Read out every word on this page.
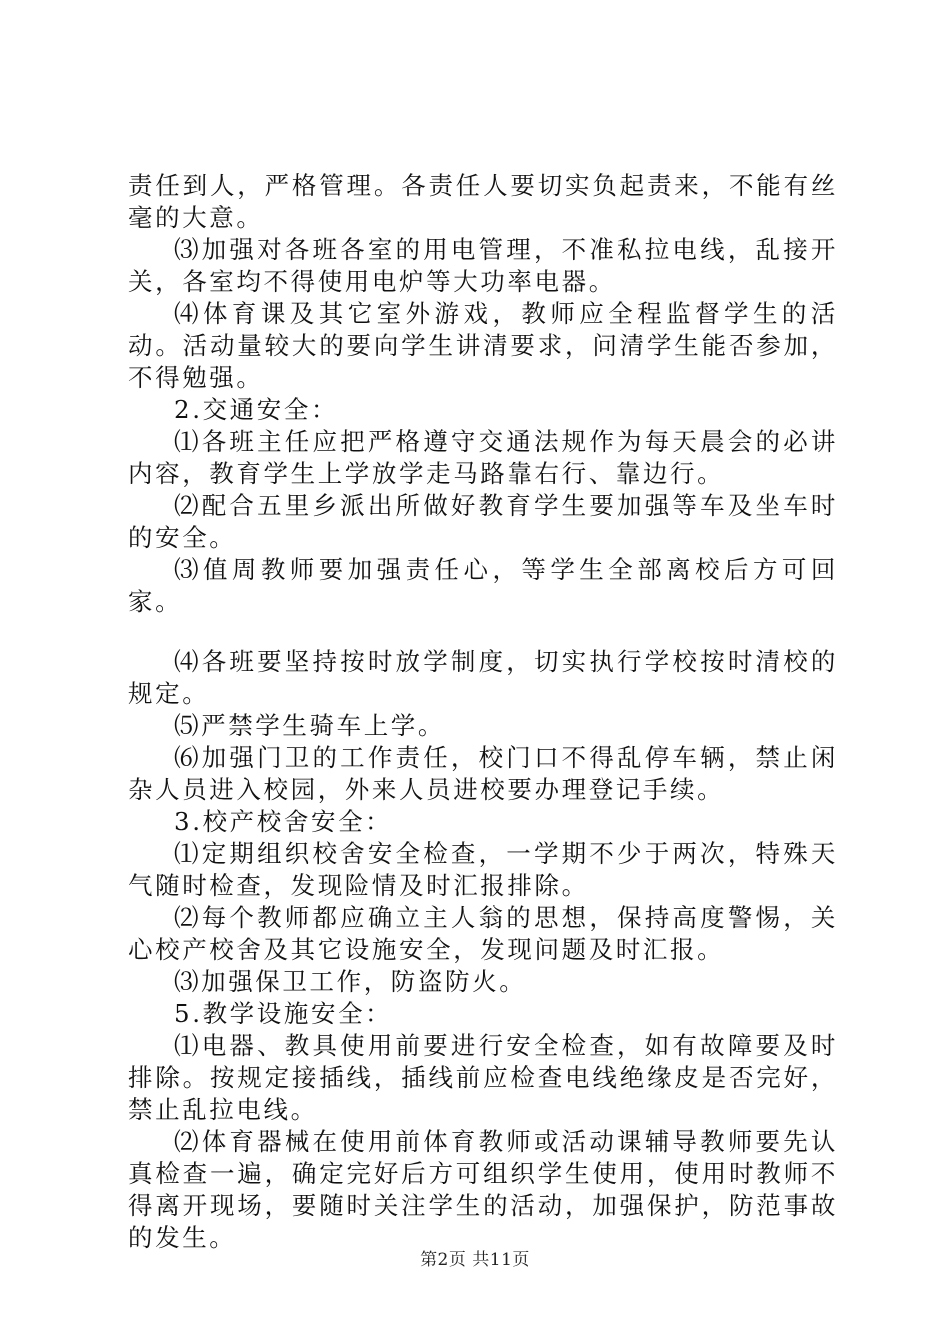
责任到人，严格管理。各责任人要切实负起责来，不能有丝毫的大意。

⑶加强对各班各室的用电管理，不准私拉电线，乱接开关，各室均不得使用电炉等大功率电器。

⑷体育课及其它室外游戏，教师应全程监督学生的活动。活动量较大的要向学生讲清要求，问清学生能否参加，不得勉强。

2.交通安全：

⑴各班主任应把严格遵守交通法规作为每天晨会的必讲内容，教育学生上学放学走马路靠右行、靠边行。

⑵配合五里乡派出所做好教育学生要加强等车及坐车时的安全。

⑶值周教师要加强责任心，等学生全部离校后方可回家。

⑷各班要坚持按时放学制度，切实执行学校按时清校的规定。

⑸严禁学生骑车上学。

⑹加强门卫的工作责任，校门口不得乱停车辆，禁止闲杂人员进入校园，外来人员进校要办理登记手续。

3.校产校舍安全：

⑴定期组织校舍安全检查，一学期不少于两次，特殊天气随时检查，发现险情及时汇报排除。

⑵每个教师都应确立主人翁的思想，保持高度警惕，关心校产校舍及其它设施安全，发现问题及时汇报。

⑶加强保卫工作，防盗防火。

5.教学设施安全：

⑴电器、教具使用前要进行安全检查，如有故障要及时排除。按规定接插线，插线前应检查电线绝缘皮是否完好，禁止乱拉电线。

⑵体育器械在使用前体育教师或活动课辅导教师要先认真检查一遍，确定完好后方可组织学生使用，使用时教师不得离开现场，要随时关注学生的活动，加强保护，防范事故的发生。

第2页 共11页
